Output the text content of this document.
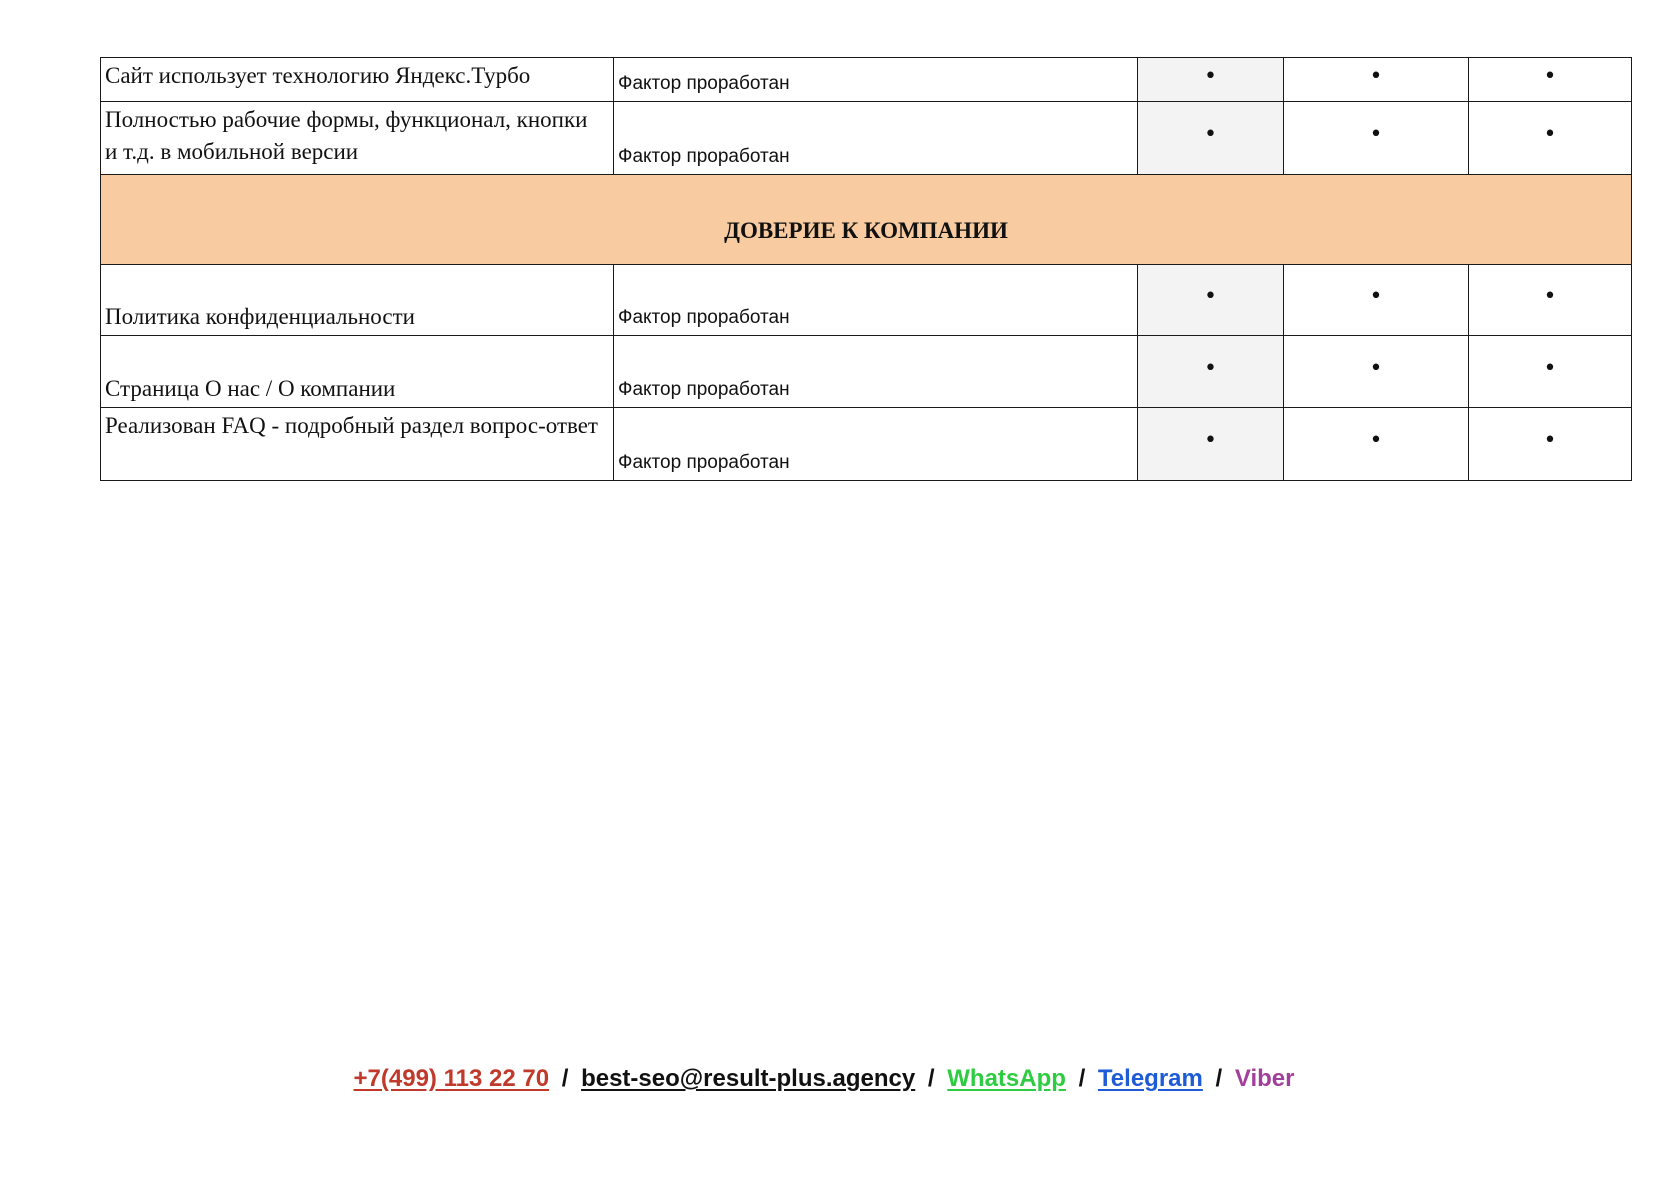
Сайт использует технологию Яндекс.Турбо	Фактор проработан	•	•	•
Полностью рабочие формы, функционал, кнопки и т.д. в мобильной версии	Фактор проработан	•	•	•
ДОВЕРИЕ К КОМПАНИИ				
Политика конфиденциальности	Фактор проработан	•	•	•
Страница О нас / О компании	Фактор проработан	•	•	•
Реализован FAQ - подробный раздел вопрос-ответ	Фактор проработан	•	•	•
+7(499) 113 22 70 / best-seo@result-plus.agency / WhatsApp / Telegram / Viber
